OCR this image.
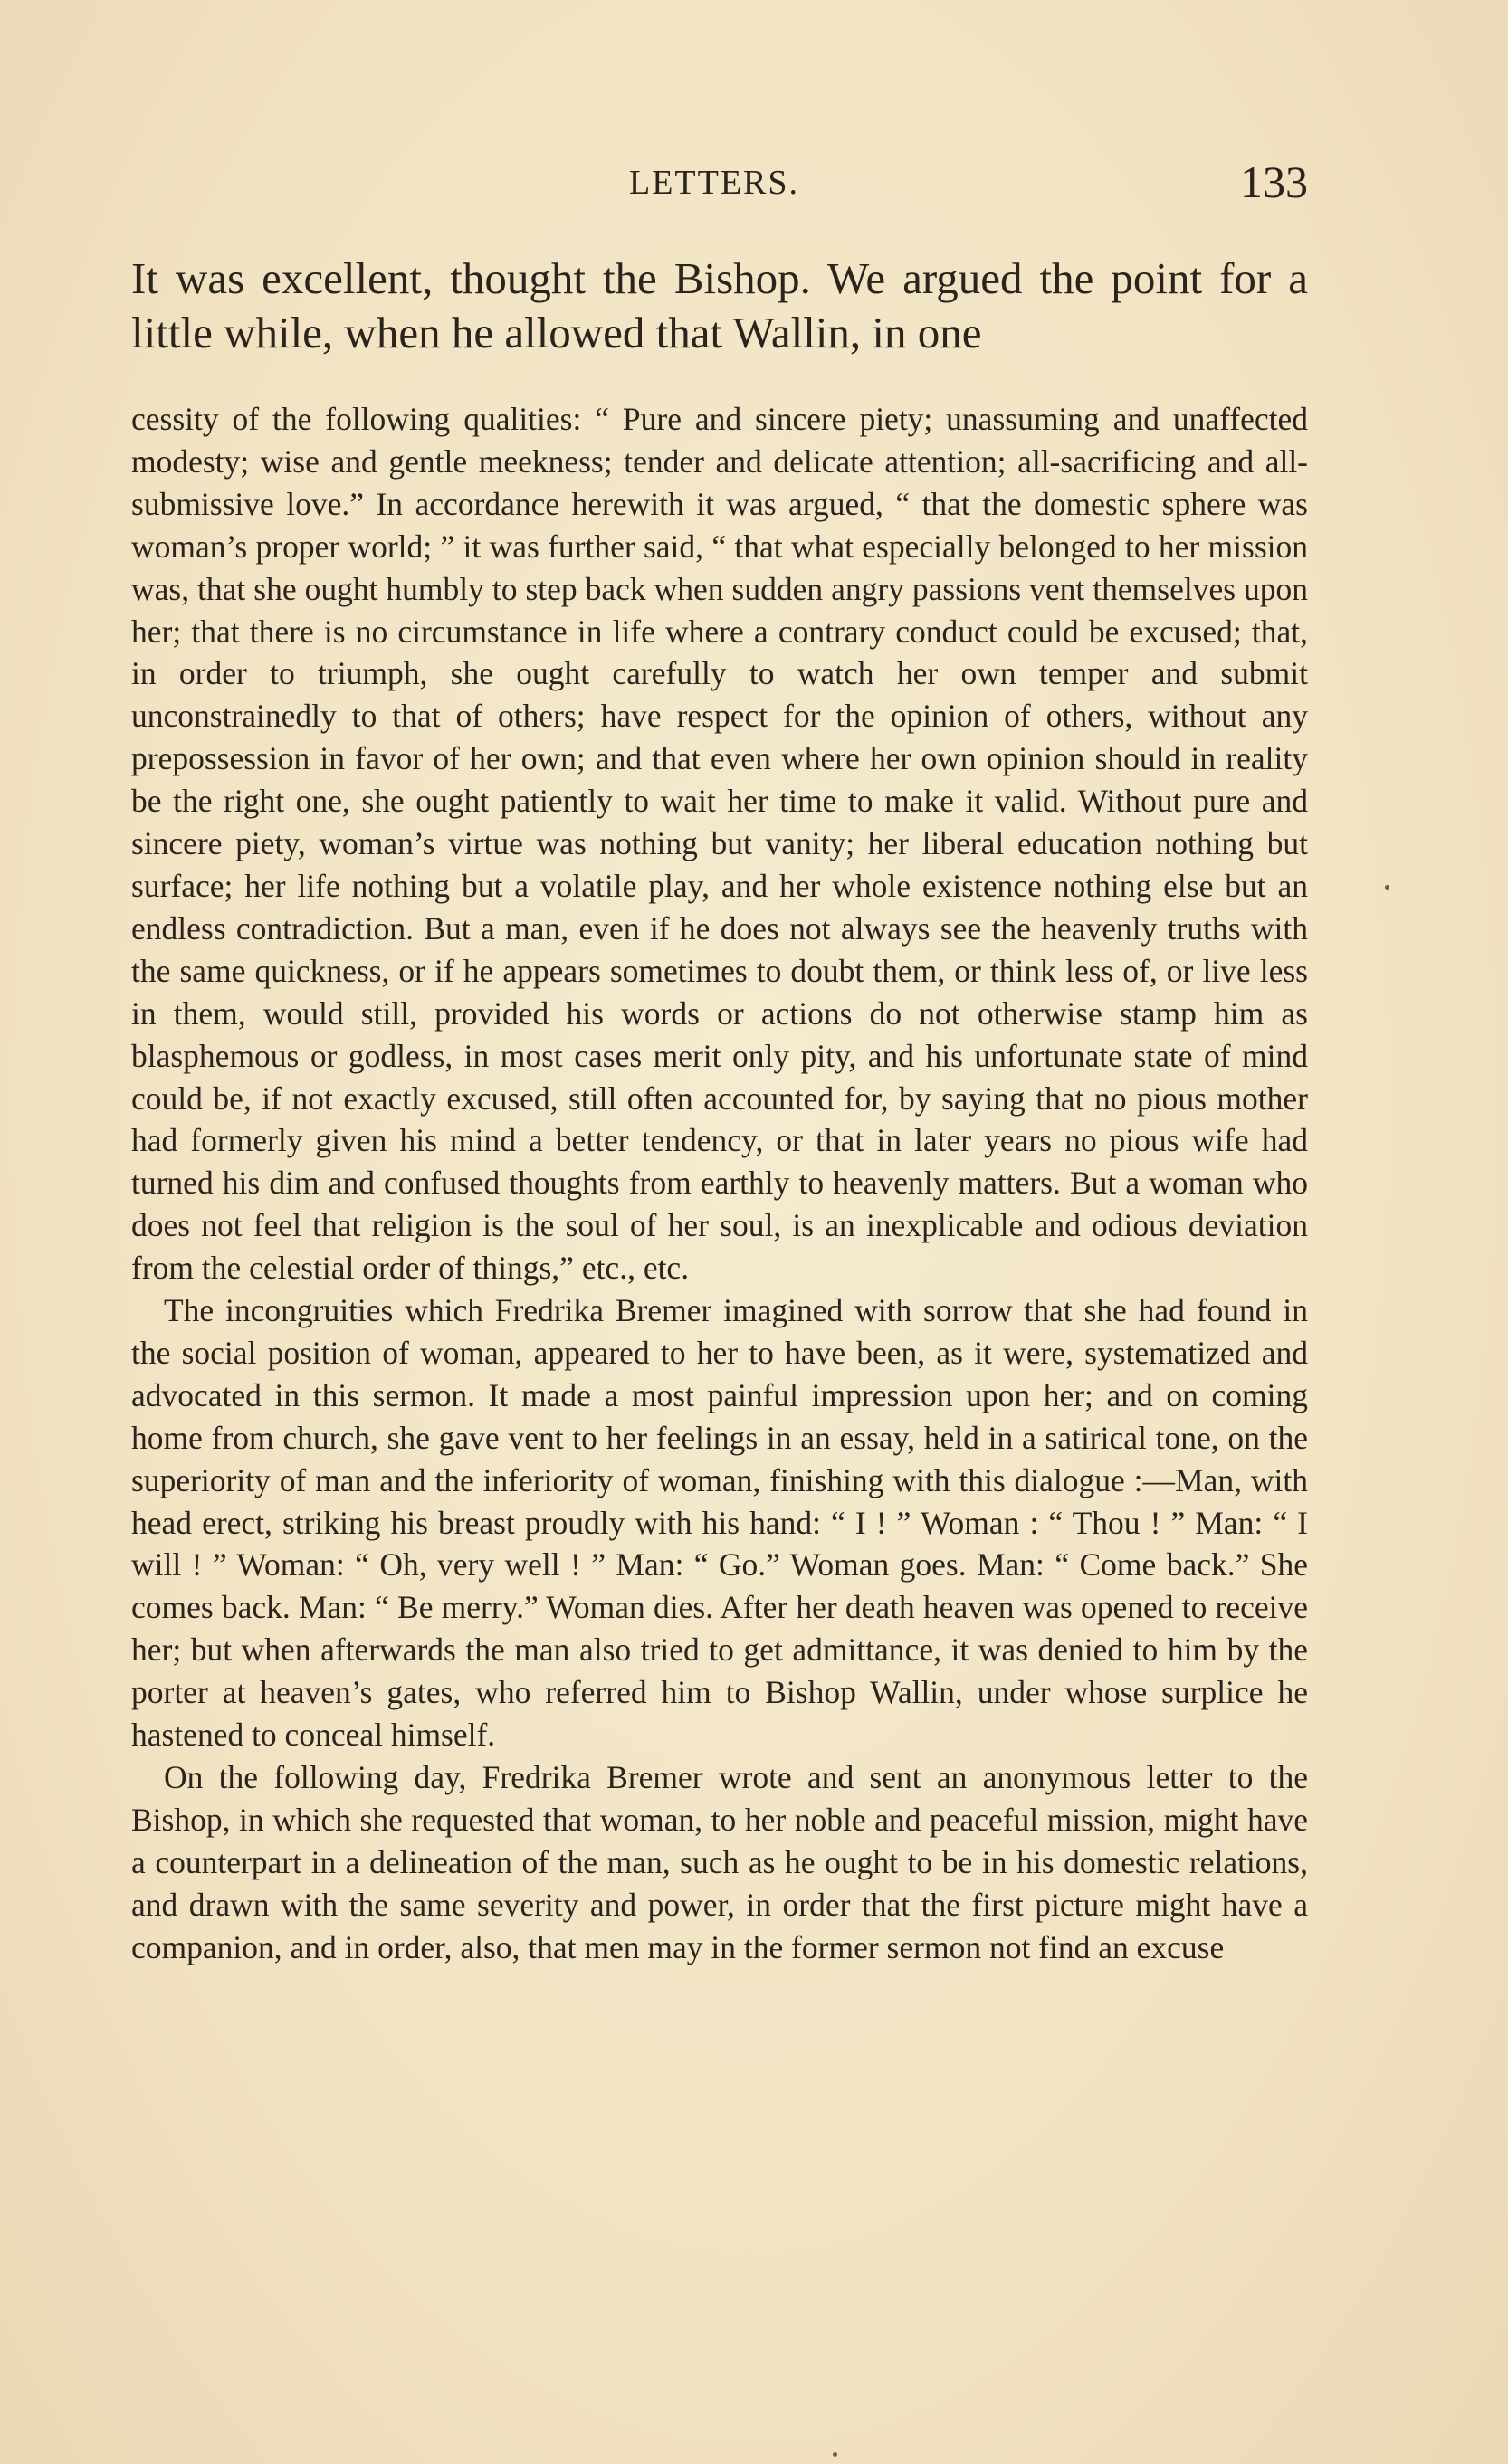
LETTERS.	133
It was excellent, thought the Bishop. We argued the point for a little while, when he allowed that Wallin, in one

cessity of the following qualities: “ Pure and sincere piety; unassuming and unaffected modesty; wise and gentle meekness; tender and delicate attention; all-sacrificing and all-submissive love.” In accordance herewith it was argued, “ that the domestic sphere was woman’s proper world; ” it was further said, “ that what especially belonged to her mission was, that she ought humbly to step back when sudden angry passions vent themselves upon her; that there is no circumstance in life where a contrary conduct could be excused; that, in order to triumph, she ought carefully to watch her own temper and submit unconstrainedly to that of others; have respect for the opinion of others, without any prepossession in favor of her own; and that even where her own opinion should in reality be the right one, she ought patiently to wait her time to make it valid. Without pure and sincere piety, woman’s virtue was nothing but vanity; her liberal education nothing but surface; her life nothing but a volatile play, and her whole existence nothing else but an endless contradiction. But a man, even if he does not always see the heavenly truths with the same quickness, or if he appears sometimes to doubt them, or think less of, or live less in them, would still, provided his words or actions do not otherwise stamp him as blasphemous or godless, in most cases merit only pity, and his unfortunate state of mind could be, if not exactly excused, still often accounted for, by saying that no pious mother had formerly given his mind a better tendency, or that in later years no pious wife had turned his dim and confused thoughts from earthly to heavenly matters. But a woman who does not feel that religion is the soul of her soul, is an inexplicable and odious deviation from the celestial order of things,” etc., etc.

The incongruities which Fredrika Bremer imagined with sorrow that she had found in the social position of woman, appeared to her to have been, as it were, systematized and advocated in this sermon. It made a most painful impression upon her; and on coming home from church, she gave vent to her feelings in an essay, held in a satirical tone, on the superiority of man and the inferiority of woman, finishing with this dialogue :—Man, with head erect, striking his breast proudly with his hand: “ I ! ” Woman : “ Thou ! ” Man: “ I will ! ” Woman: “ Oh, very well ! ” Man: “ Go.” Woman goes. Man: “ Come back.” She comes back. Man: “ Be merry.” Woman dies. After her death heaven was opened to receive her; but when afterwards the man also tried to get admittance, it was denied to him by the porter at heaven’s gates, who referred him to Bishop Wallin, under whose surplice he hastened to conceal himself.

On the following day, Fredrika Bremer wrote and sent an anonymous letter to the Bishop, in which she requested that woman, to her noble and peaceful mission, might have a counterpart in a delineation of the man, such as he ought to be in his domestic relations, and drawn with the same severity and power, in order that the first picture might have a companion, and in order, also, that men may in the former sermon not find an excuse
